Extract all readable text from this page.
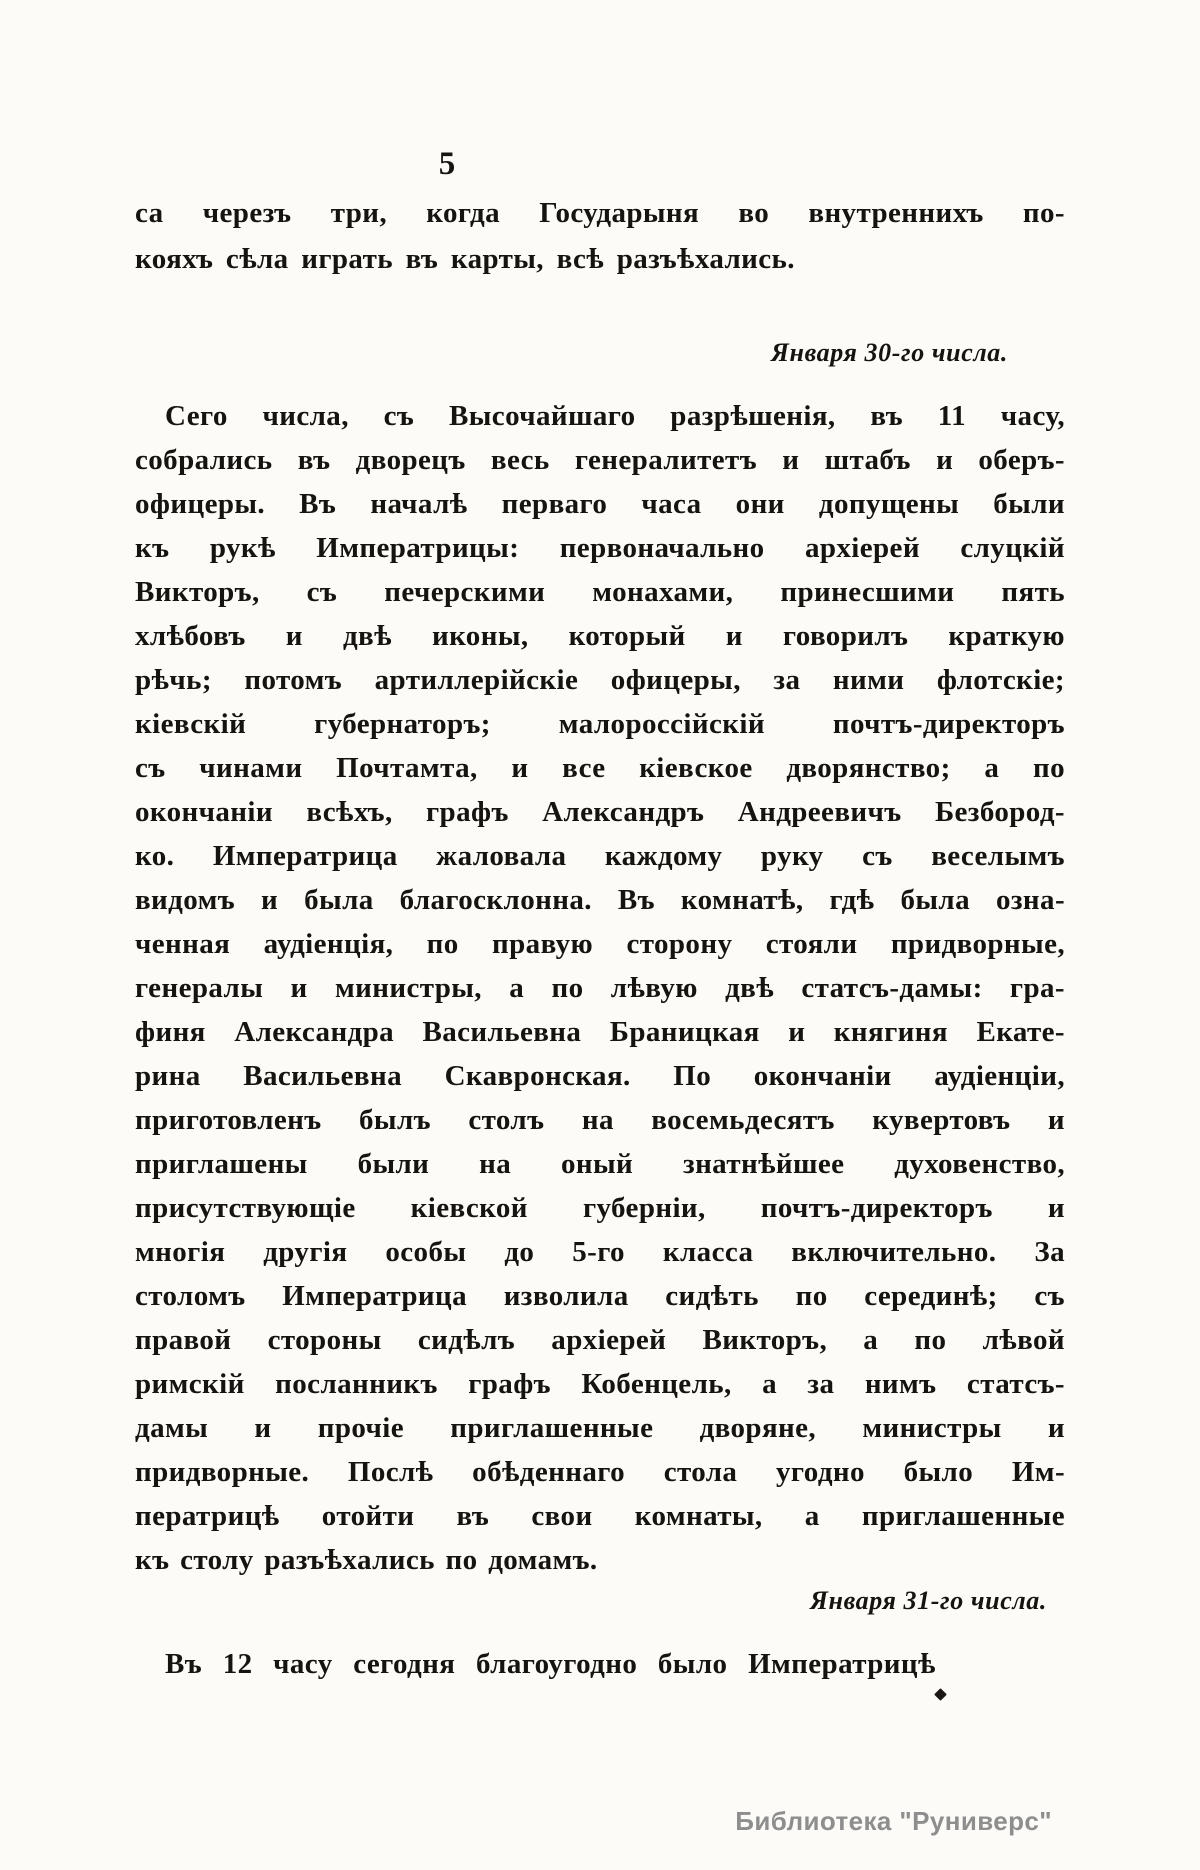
5
са черезъ три, когда Государыня во внутреннихъ по-
кояхъ сѣла играть въ карты, всѣ разъѣхались.
Января 30-го числа.
Сего числа, съ Высочайшаго разрѣшенія, въ 11 часу,
собрались въ дворецъ весь генералитетъ и штабъ и оберъ-
офицеры. Въ началѣ перваго часа они допущены были
къ рукѣ Императрицы: первоначально архіерей слуцкій
Викторъ, съ печерскими монахами, принесшими пять
хлѣбовъ и двѣ иконы, который и говорилъ краткую
рѣчь; потомъ артиллерійскіе офицеры, за ними флотскіе;
кіевскій губернаторъ; малороссійскій почтъ-директоръ
съ чинами Почтамта, и все кіевское дворянство; а по
окончаніи всѣхъ, графъ Александръ Андреевичъ Безбород-
ко. Императрица жаловала каждому руку съ веселымъ
видомъ и была благосклонна. Въ комнатѣ, гдѣ была озна-
ченная аудіенція, по правую сторону стояли придворные,
генералы и министры, а по лѣвую двѣ статсъ-дамы: гра-
финя Александра Васильевна Браницкая и княгиня Екате-
рина Васильевна Скавронская. По окончаніи аудіенціи,
приготовленъ былъ столъ на восемьдесятъ кувертовъ и
приглашены были на оный знатнѣйшее духовенство,
присутствующіе кіевской губерніи, почтъ-директоръ и
многія другія особы до 5-го класса включительно. За
столомъ Императрица изволила сидѣть по серединѣ; съ
правой стороны сидѣлъ архіерей Викторъ, а по лѣвой
римскій посланникъ графъ Кобенцель, а за нимъ статсъ-
дамы и прочіе приглашенные дворяне, министры и
придворные. Послѣ обѣденнаго стола угодно было Им-
ператрицѣ отойти въ свои комнаты, а приглашенные
къ столу разъѣхались по домамъ.
Января 31-го числа.
Въ 12 часу сегодня благоугодно было Императрицѣ
Библиотека "Руниверс"
